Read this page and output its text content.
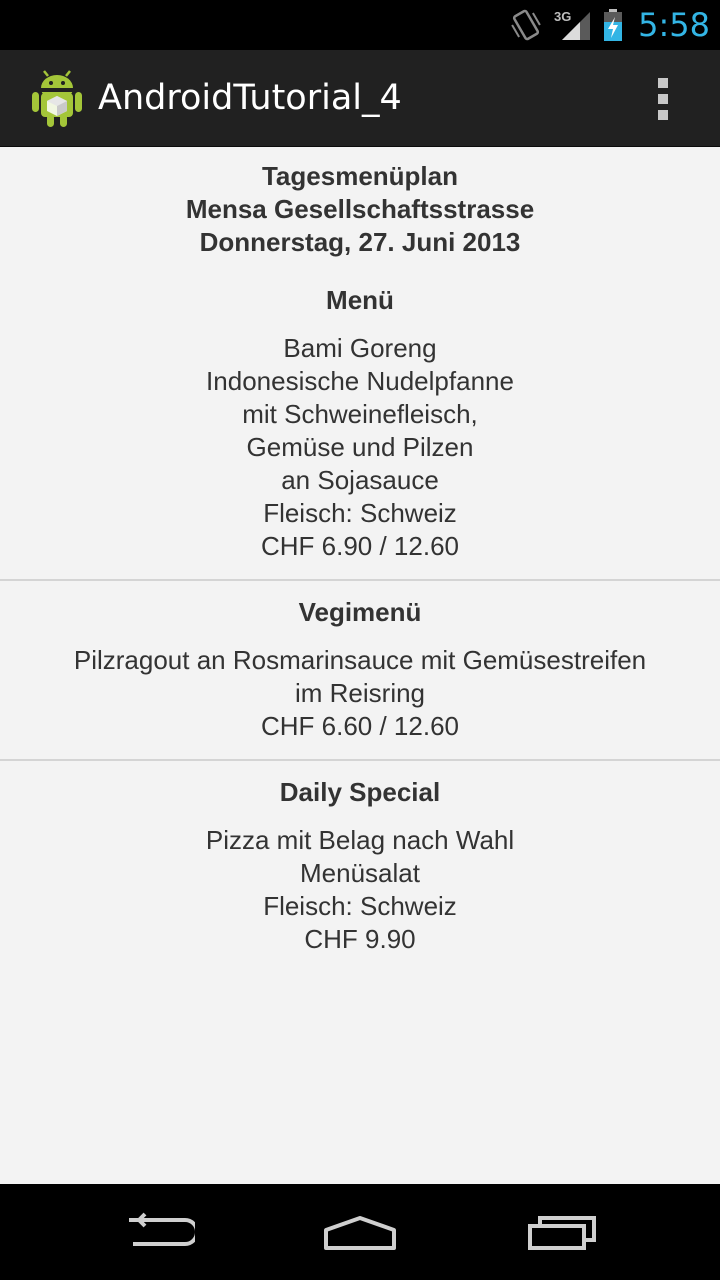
3G 5:58
AndroidTutorial_4
Tagesmenüplan
Mensa Gesellschaftsstrasse
Donnerstag, 27. Juni 2013
Menü
Bami Goreng
Indonesische Nudelpfanne
mit Schweinefleisch,
Gemüse und Pilzen
an Sojasauce
Fleisch: Schweiz
CHF 6.90 / 12.60
Vegimenü
Pilzragout an Rosmarinsauce mit Gemüsestreifen
im Reisring
CHF 6.60 / 12.60
Daily Special
Pizza mit Belag nach Wahl
Menüsalat
Fleisch: Schweiz
CHF 9.90
